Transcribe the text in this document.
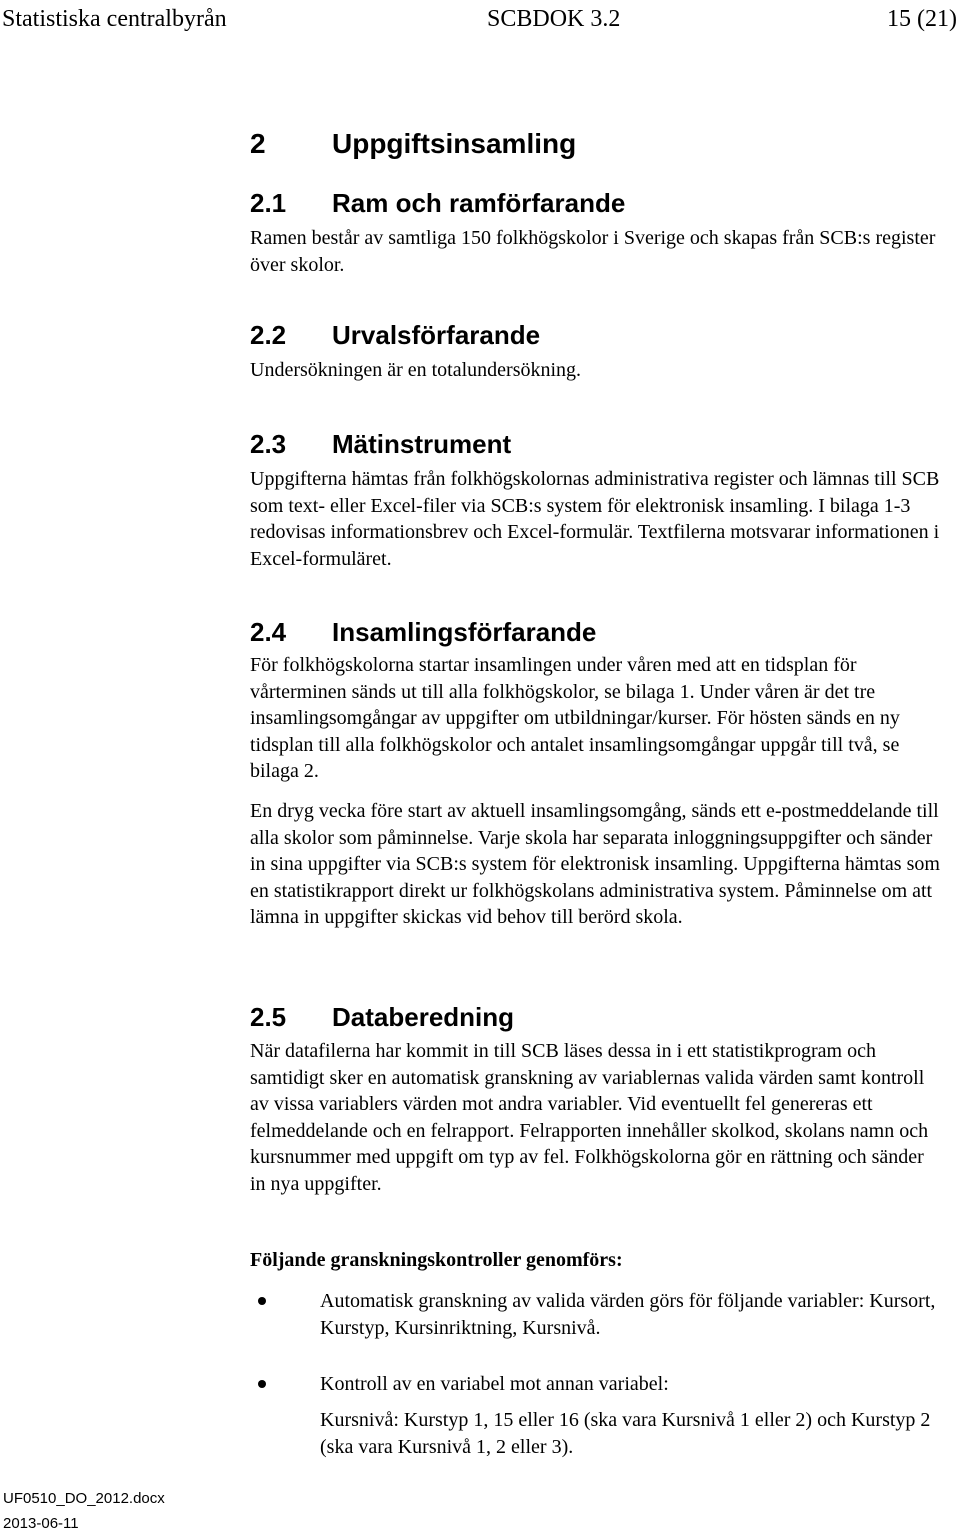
Statistiska centralbyrån	SCBDOK 3.2	15 (21)
2 Uppgiftsinsamling
2.1 Ram och ramförfarande
Ramen består av samtliga 150 folkhögskolor i Sverige och skapas från SCB:s register över skolor.
2.2 Urvalsförfarande
Undersökningen är en totalundersökning.
2.3 Mätinstrument
Uppgifterna hämtas från folkhögskolornas administrativa register och lämnas till SCB som text- eller Excel-filer via SCB:s system för elektronisk insamling. I bilaga 1-3 redovisas informationsbrev och Excel-formulär. Textfilerna motsvarar informationen i Excel-formuläret.
2.4 Insamlingsförfarande
För folkhögskolorna startar insamlingen under våren med att en tidsplan för vårterminen sänds ut till alla folkhögskolor, se bilaga 1. Under våren är det tre insamlingsomgångar av uppgifter om utbildningar/kurser. För hösten sänds en ny tidsplan till alla folkhögskolor och antalet insamlingsomgångar uppgår till två, se bilaga 2.
En dryg vecka före start av aktuell insamlingsomgång, sänds ett e-postmeddelande till alla skolor som påminnelse. Varje skola har separata inloggningsuppgifter och sänder in sina uppgifter via SCB:s system för elektronisk insamling. Uppgifterna hämtas som en statistikrapport direkt ur folkhögskolans administrativa system. Påminnelse om att lämna in uppgifter skickas vid behov till berörd skola.
2.5 Databeredning
När datafilerna har kommit in till SCB läses dessa in i ett statistikprogram och samtidigt sker en automatisk granskning av variablernas valida värden samt kontroll av vissa variablers värden mot andra variabler. Vid eventuellt fel genereras ett felmeddelande och en felrapport. Felrapporten innehåller skolkod, skolans namn och kursnummer med uppgift om typ av fel. Folkhögskolorna gör en rättning och sänder in nya uppgifter.
Följande granskningskontroller genomförs:
Automatisk granskning av valida värden görs för följande variabler: Kursort, Kurstyp, Kursinriktning, Kursnivå.
Kontroll av en variabel mot annan variabel:
Kursnivå: Kurstyp 1, 15 eller 16 (ska vara Kursnivå 1 eller 2) och Kurstyp 2 (ska vara Kursnivå 1, 2 eller 3).
UF0510_DO_2012.docx
2013-06-11
